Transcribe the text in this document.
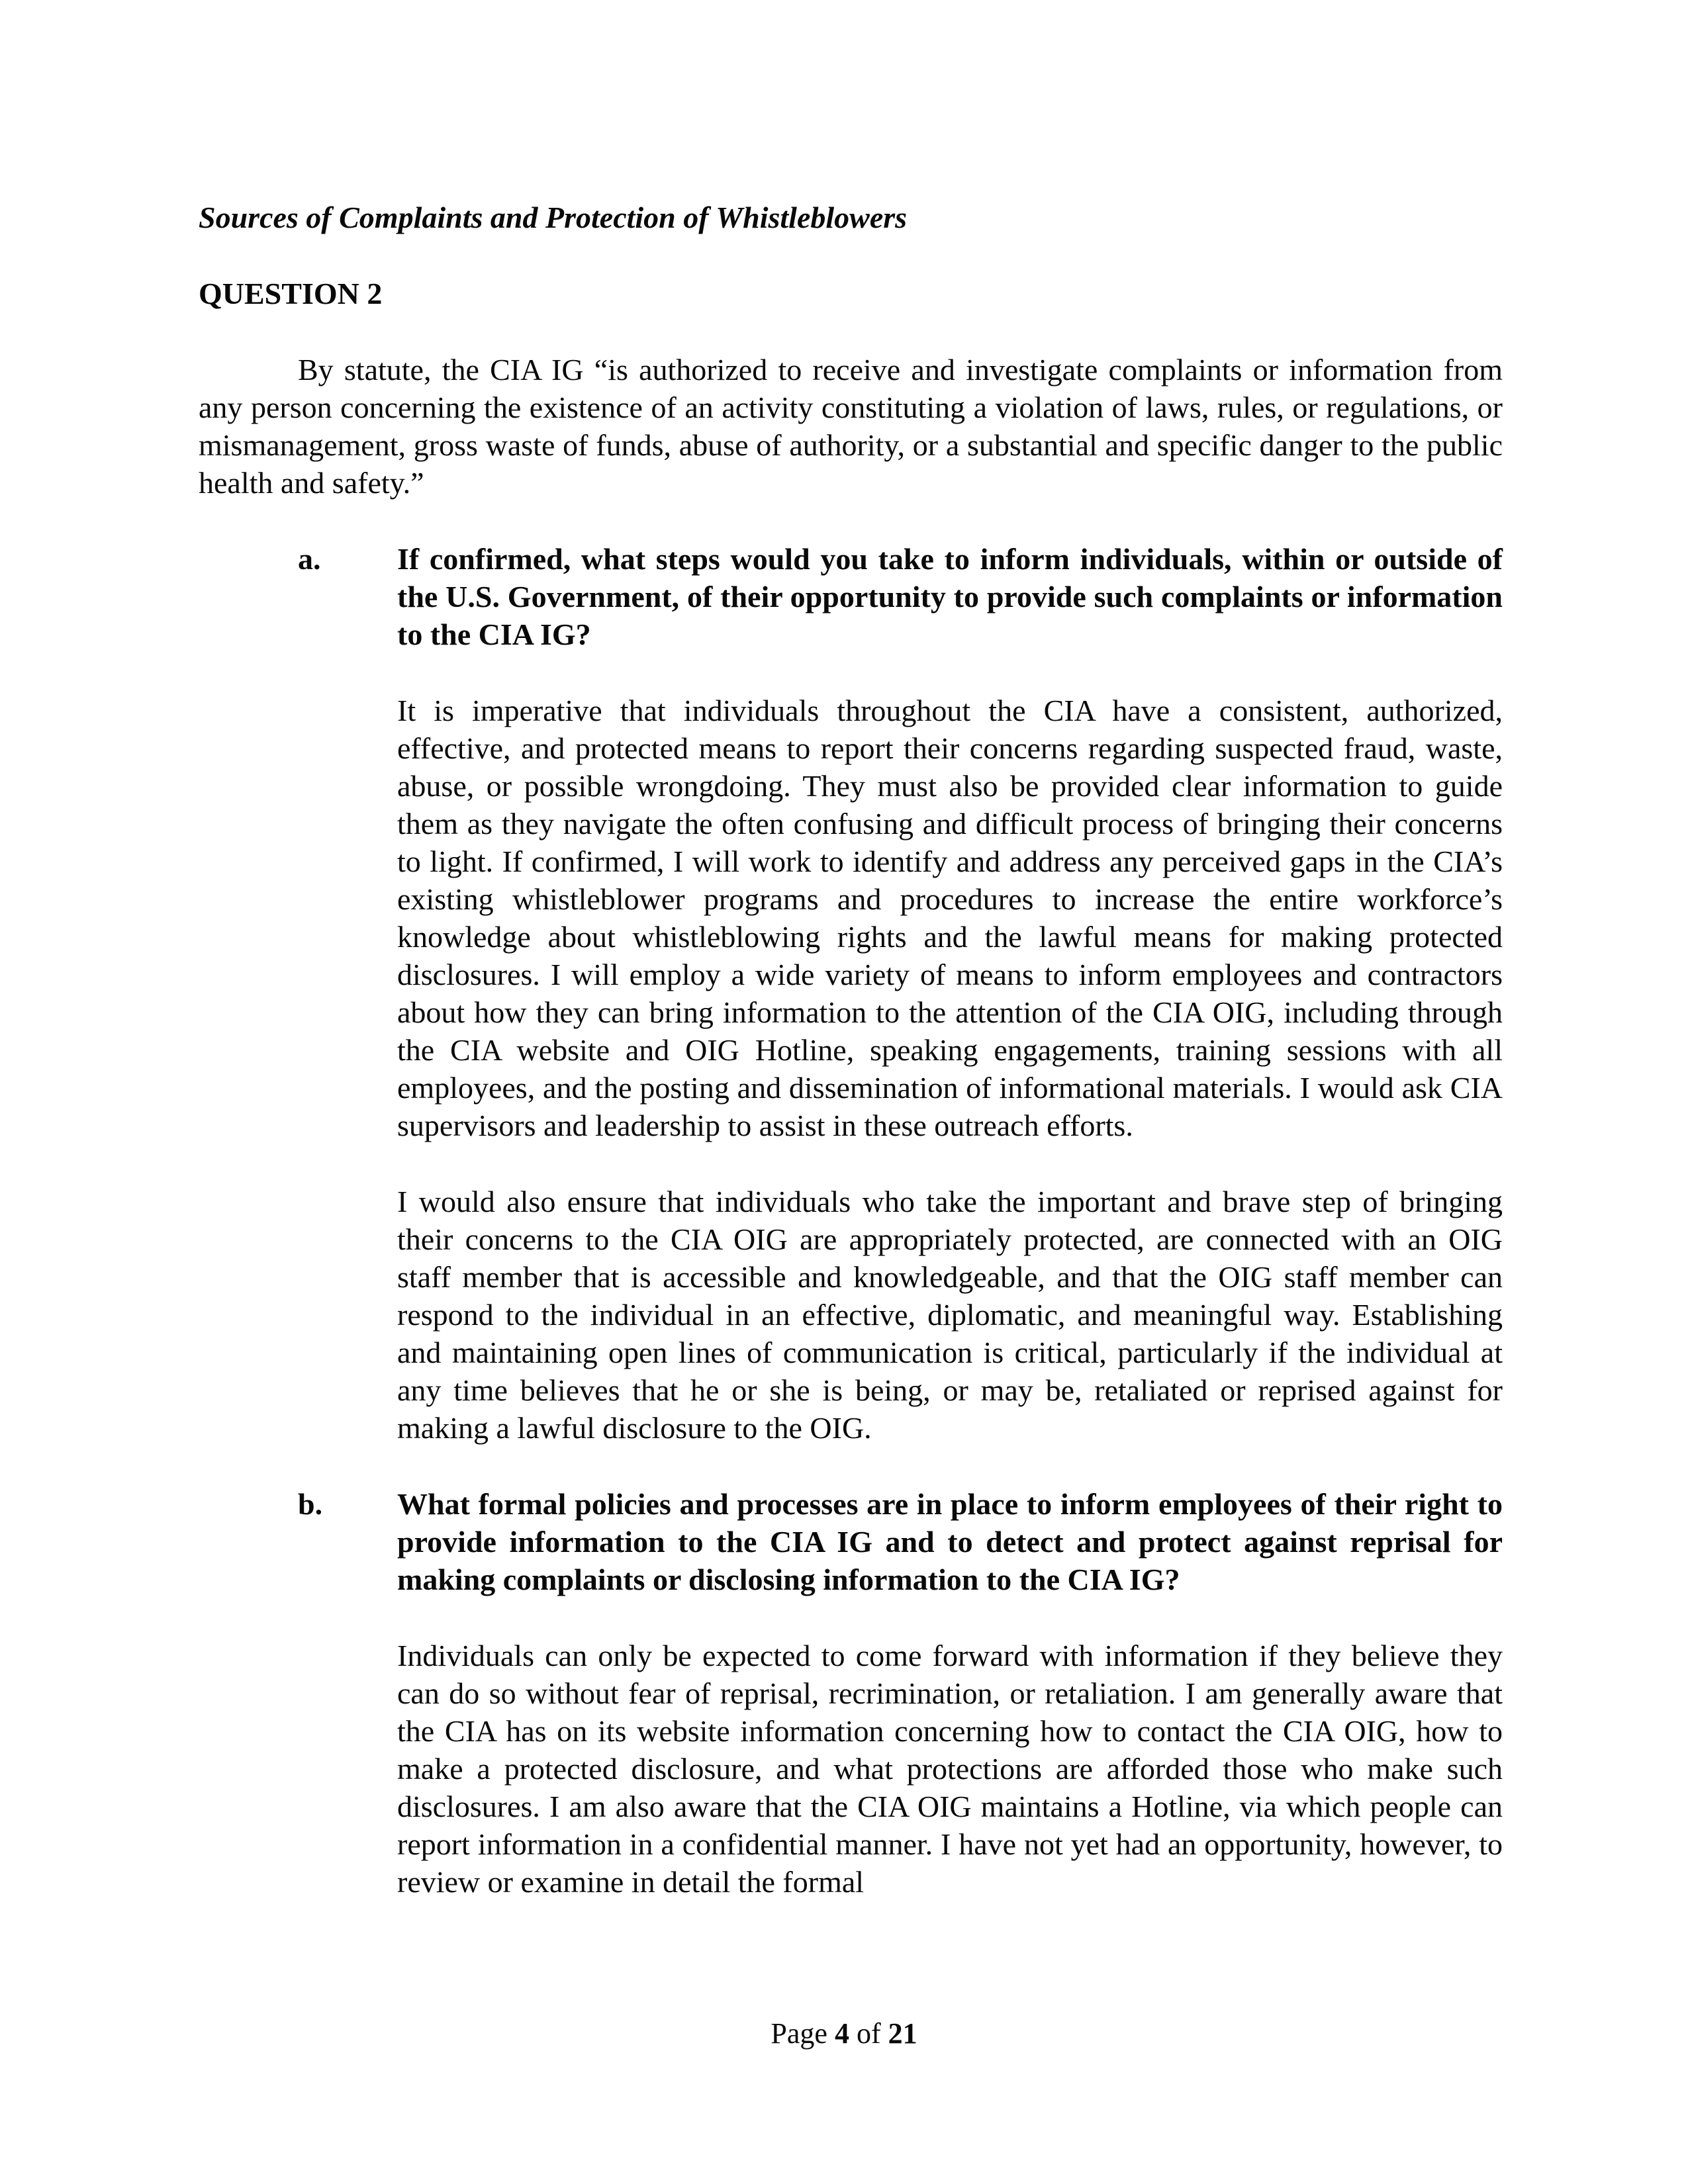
Sources of Complaints and Protection of Whistleblowers
QUESTION 2

By statute, the CIA IG “is authorized to receive and investigate complaints or information from any person concerning the existence of an activity constituting a violation of laws, rules, or regulations, or mismanagement, gross waste of funds, abuse of authority, or a substantial and specific danger to the public health and safety.”

a.	If confirmed, what steps would you take to inform individuals, within or outside of the U.S. Government, of their opportunity to provide such complaints or information to the CIA IG?

It is imperative that individuals throughout the CIA have a consistent, authorized, effective, and protected means to report their concerns regarding suspected fraud, waste, abuse, or possible wrongdoing. They must also be provided clear information to guide them as they navigate the often confusing and difficult process of bringing their concerns to light. If confirmed, I will work to identify and address any perceived gaps in the CIA’s existing whistleblower programs and procedures to increase the entire workforce’s knowledge about whistleblowing rights and the lawful means for making protected disclosures. I will employ a wide variety of means to inform employees and contractors about how they can bring information to the attention of the CIA OIG, including through the CIA website and OIG Hotline, speaking engagements, training sessions with all employees, and the posting and dissemination of informational materials. I would ask CIA supervisors and leadership to assist in these outreach efforts.

I would also ensure that individuals who take the important and brave step of bringing their concerns to the CIA OIG are appropriately protected, are connected with an OIG staff member that is accessible and knowledgeable, and that the OIG staff member can respond to the individual in an effective, diplomatic, and meaningful way. Establishing and maintaining open lines of communication is critical, particularly if the individual at any time believes that he or she is being, or may be, retaliated or reprised against for making a lawful disclosure to the OIG.

b.	What formal policies and processes are in place to inform employees of their right to provide information to the CIA IG and to detect and protect against reprisal for making complaints or disclosing information to the CIA IG?

Individuals can only be expected to come forward with information if they believe they can do so without fear of reprisal, recrimination, or retaliation. I am generally aware that the CIA has on its website information concerning how to contact the CIA OIG, how to make a protected disclosure, and what protections are afforded those who make such disclosures. I am also aware that the CIA OIG maintains a Hotline, via which people can report information in a confidential manner. I have not yet had an opportunity, however, to review or examine in detail the formal

Page 4 of 21
